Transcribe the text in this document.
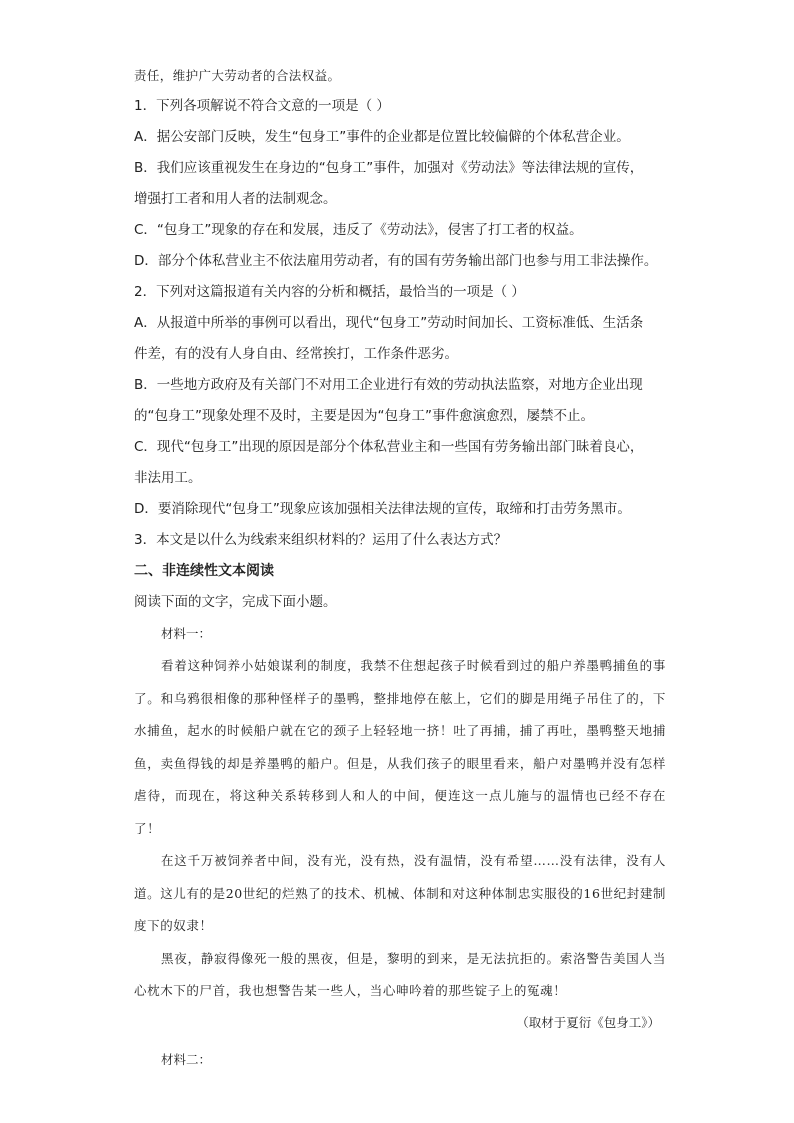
责任，维护广大劳动者的合法权益。
1．下列各项解说不符合文意的一项是（ ）
A．据公安部门反映，发生“包身工”事件的企业都是位置比较偏僻的个体私营企业。
B．我们应该重视发生在身边的“包身工”事件，加强对《劳动法》等法律法规的宣传，
增强打工者和用人者的法制观念。
C．“包身工”现象的存在和发展，违反了《劳动法》，侵害了打工者的权益。
D．部分个体私营业主不依法雇用劳动者，有的国有劳务输出部门也参与用工非法操作。
2．下列对这篇报道有关内容的分析和概括，最恰当的一项是（ ）
A．从报道中所举的事例可以看出，现代“包身工”劳动时间加长、工资标准低、生活条
件差，有的没有人身自由、经常挨打，工作条件恶劣。
B．一些地方政府及有关部门不对用工企业进行有效的劳动执法监察，对地方企业出现
的“包身工”现象处理不及时，主要是因为“包身工”事件愈演愈烈，屡禁不止。
C．现代“包身工”出现的原因是部分个体私营业主和一些国有劳务输出部门昧着良心，
非法用工。
D．要消除现代“包身工”现象应该加强相关法律法规的宣传，取缔和打击劳务黑市。
3．本文是以什么为线索来组织材料的？运用了什么表达方式？
二、非连续性文本阅读
阅读下面的文字，完成下面小题。
材料一：
看着这种饲养小姑娘谋利的制度，我禁不住想起孩子时候看到过的船户养墨鸭捕鱼的事了。和乌鸦很相像的那种怪样子的墨鸭，整排地停在舷上，它们的脚是用绳子吊住了的，下水捕鱼，起水的时候船户就在它的颈子上轻轻地一挤！吐了再捕，捕了再吐，墨鸭整天地捕鱼，卖鱼得钱的却是养墨鸭的船户。但是，从我们孩子的眼里看来，船户对墨鸭并没有怎样虐待，而现在，将这种关系转移到人和人的中间，便连这一点儿施与的温情也已经不存在了！
在这千万被饲养者中间，没有光，没有热，没有温情，没有希望……没有法律，没有人道。这儿有的是20世纪的烂熟了的技术、机械、体制和对这种体制忠实服役的16世纪封建制度下的奴隶！
黑夜，静寂得像死一般的黑夜，但是，黎明的到来，是无法抗拒的。索洛警告美国人当心枕木下的尸首，我也想警告某一些人，当心呻吟着的那些锭子上的冤魂！
（取材于夏衍《包身工》）
材料二：
